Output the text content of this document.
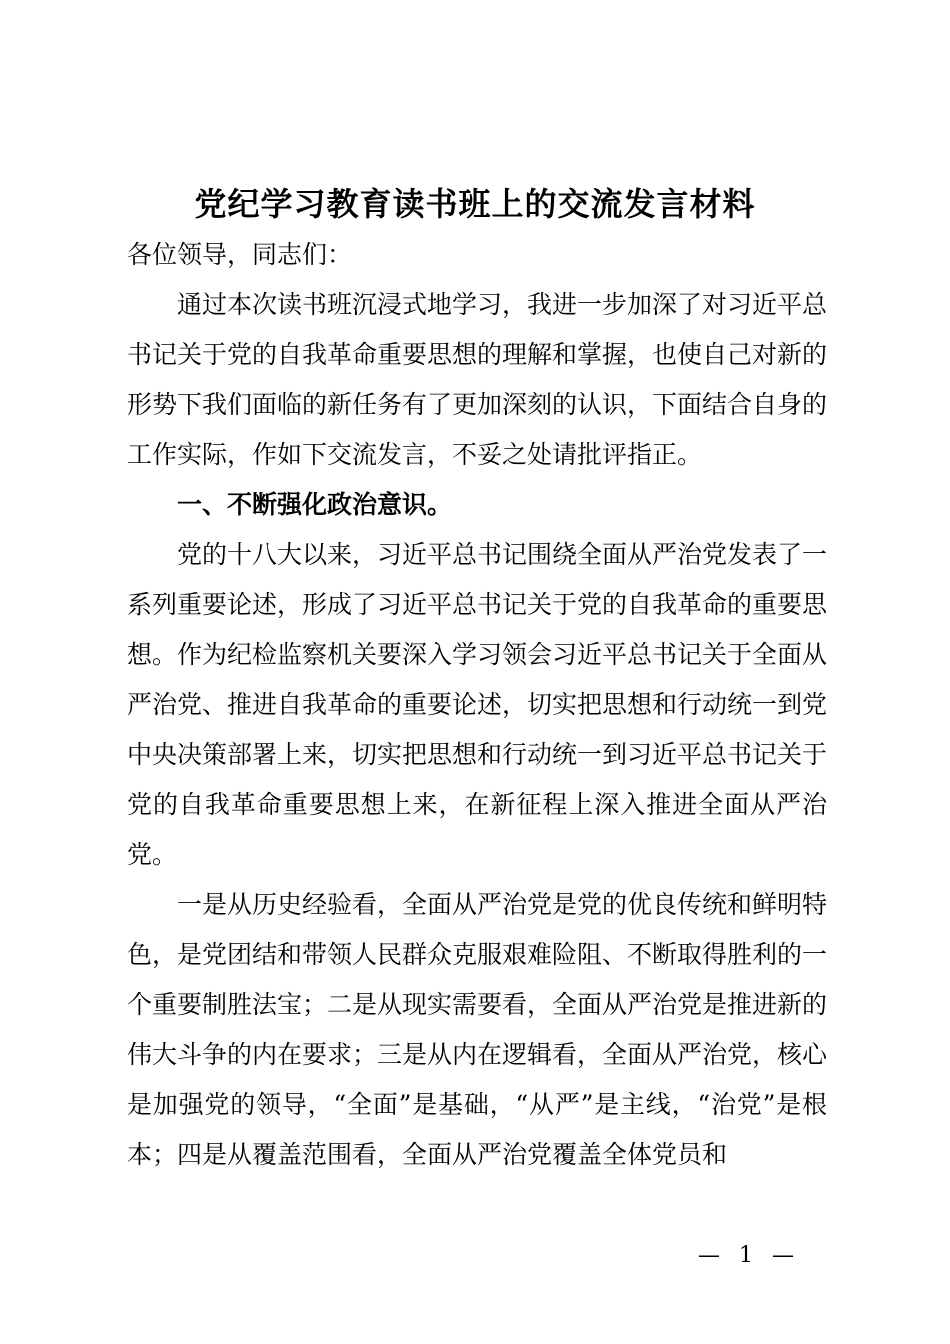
党纪学习教育读书班上的交流发言材料

各位领导，同志们：

通过本次读书班沉浸式地学习，我进一步加深了对习近平总书记关于党的自我革命重要思想的理解和掌握，也使自己对新的形势下我们面临的新任务有了更加深刻的认识，下面结合自身的工作实际，作如下交流发言，不妥之处请批评指正。

一、不断强化政治意识。

党的十八大以来，习近平总书记围绕全面从严治党发表了一系列重要论述，形成了习近平总书记关于党的自我革命的重要思想。作为纪检监察机关要深入学习领会习近平总书记关于全面从严治党、推进自我革命的重要论述，切实把思想和行动统一到党中央决策部署上来，切实把思想和行动统一到习近平总书记关于党的自我革命重要思想上来，在新征程上深入推进全面从严治党。

一是从历史经验看，全面从严治党是党的优良传统和鲜明特色，是党团结和带领人民群众克服艰难险阻、不断取得胜利的一个重要制胜法宝；二是从现实需要看，全面从严治党是推进新的伟大斗争的内在要求；三是从内在逻辑看，全面从严治党，核心是加强党的领导，“全面”是基础，“从严”是主线，“治党”是根本；四是从覆盖范围看，全面从严治党覆盖全体党员和

— 1 —
